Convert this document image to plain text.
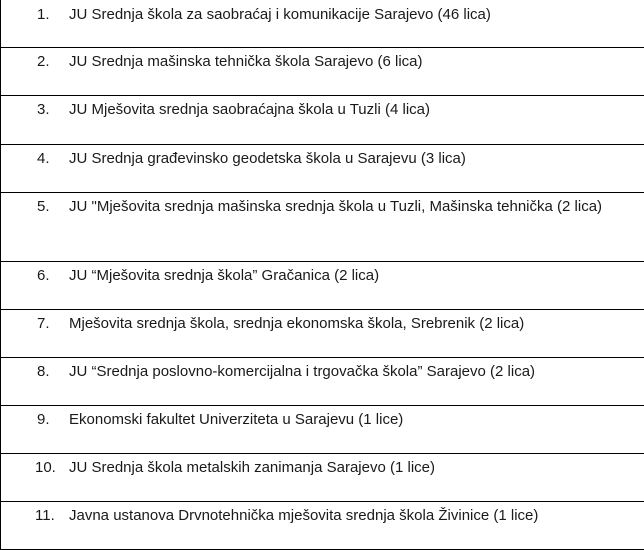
1. JU Srednja škola za saobraćaj i komunikacije Sarajevo (46 lica)

2. JU Srednja mašinska tehnička škola Sarajevo (6 lica)

3. JU Mješovita srednja saobraćajna škola u Tuzli (4 lica)

4. JU Srednja građevinsko geodetska škola u Sarajevu (3 lica)

5. JU "Mješovita srednja mašinska srednja škola u Tuzli, Mašinska tehnička (2 lica)

6. JU “Mješovita srednja škola” Gračanica (2 lica)

7. Mješovita srednja škola, srednja ekonomska škola, Srebrenik (2 lica)

8. JU “Srednja poslovno-komercijalna i trgovačka škola” Sarajevo (2 lica)

9. Ekonomski fakultet Univerziteta u Sarajevu (1 lice)

10. JU Srednja škola metalskih zanimanja Sarajevo (1 lice)

11. Javna ustanova Drvnotehnička mješovita srednja škola Živinice (1 lice)
